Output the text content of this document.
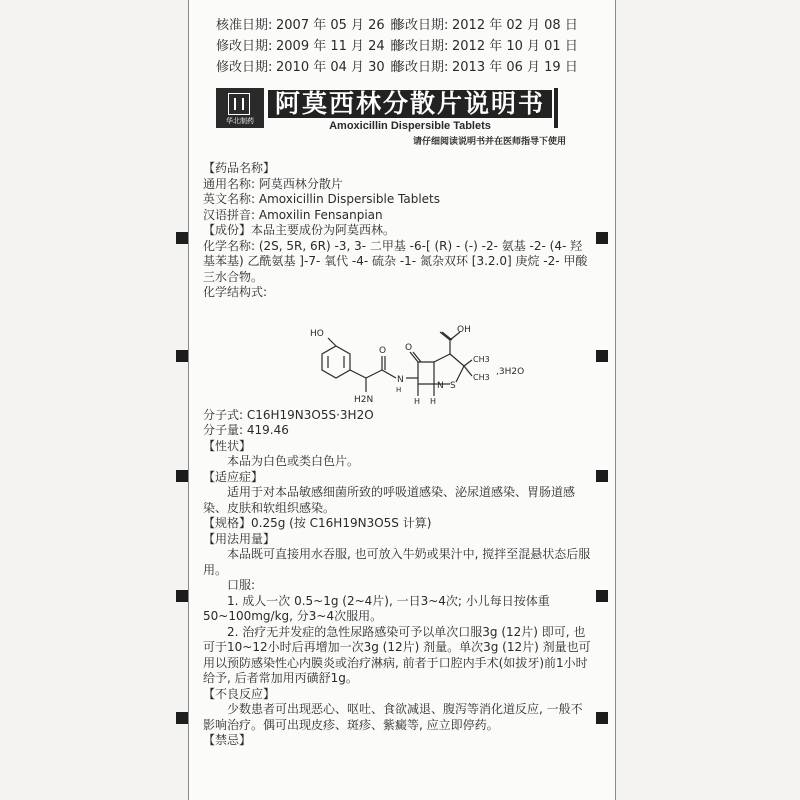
核准日期: 2007 年 05 月 26 日修改日期: 2012 年 02 月 08 日
修改日期: 2009 年 11 月 24 日修改日期: 2012 年 10 月 01 日
修改日期: 2010 年 04 月 30 日修改日期: 2013 年 06 月 19 日
华北制药
阿莫西林分散片说明书
Amoxicillin Dispersible Tablets
请仔细阅读说明书并在医师指导下使用

【药品名称】

通用名称: 阿莫西林分散片

英文名称: Amoxicillin Dispersible Tablets

汉语拼音: Amoxilin Fensanpian

【成份】本品主要成份为阿莫西林。

化学名称: (2S, 5R, 6R) -3, 3- 二甲基 -6-[ (R) - (-) -2- 氨基 -2- (4- 羟基苯基) 乙酰氨基 ]-7- 氧代 -4- 硫杂 -1- 氮杂双环 [3.2.0] 庚烷 -2- 甲酸三水合物。

化学结构式:

分子式: C16H19N3O5S·3H2O

分子量: 419.46

【性状】

本品为白色或类白色片。

【适应症】

适用于对本品敏感细菌所致的呼吸道感染、泌尿道感染、胃肠道感染、皮肤和软组织感染。

【规格】0.25g (按 C16H19N3O5S 计算)

【用法用量】

本品既可直接用水吞服, 也可放入牛奶或果汁中, 搅拌至混悬状态后服用。

口服:

1. 成人一次 0.5~1g (2~4片), 一日3~4次; 小儿每日按体重 50~100mg/kg, 分3~4次服用。

2. 治疗无并发症的急性尿路感染可予以单次口服3g (12片) 即可, 也可于10~12小时后再增加一次3g (12片) 剂量。单次3g (12片) 剂量也可用以预防感染性心内膜炎或治疗淋病, 前者于口腔内手术(如拔牙)前1小时给予, 后者常加用丙磺舒1g。

【不良反应】

少数患者可出现恶心、呕吐、食欲减退、腹泻等消化道反应, 一般不影响治疗。偶可出现皮疹、斑疹、紫癜等, 应立即停药。

【禁忌】

HO
H2N
O
N
H
O
N S
OH
CH3
CH3
H H
,3H2O
